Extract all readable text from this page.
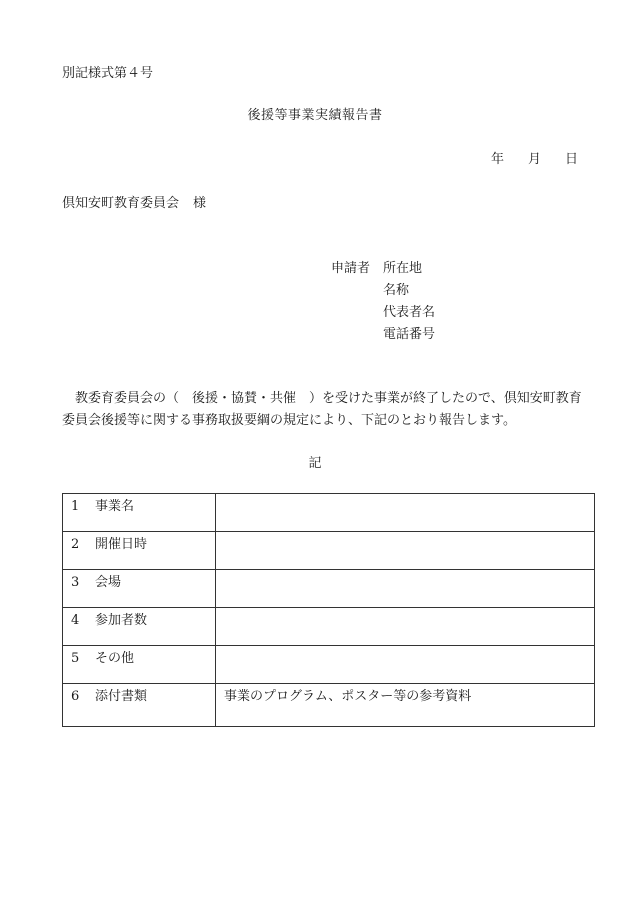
別記様式第４号
後援等事業実績報告書
年 月 日
倶知安町教育委員会 様
申請者 所在地
名称
代表者名
電話番号
教委育委員会の（　後援・協賛・共催　）を受けた事業が終了したので、倶知安町教育委員会後援等に関する事務取扱要綱の規定により、下記のとおり報告します。
記
1 事業名	
2 開催日時	
3 会場	
4 参加者数	
5 その他	
6 添付書類	事業のプログラム、ポスター等の参考資料
